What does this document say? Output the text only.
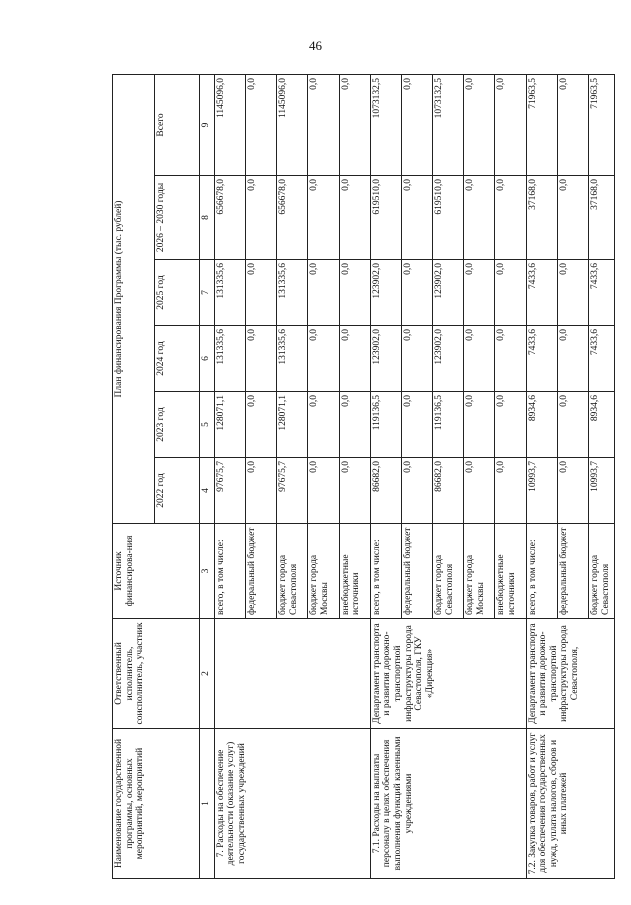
46
Наименование государственной программы, основных мероприятий, мероприятий	Ответственный исполнитель, соисполнитель, участник	Источник финансирова-ния	План финансирования Программы (тыс. рублей)					
			2022 год	2023 год	2024 год	2025 год	2026 – 2030 годы	Всего
1	2	3	4	5	6	7	8	9
7. Расходы на обеспечение деятельности (оказание услуг) государственных учреждений		всего, в том числе:	97675,7	128071,1	131335,6	131335,6	656678,0	1145096,0
		федеральный бюджет	0,0	0,0	0,0	0,0	0,0	0,0
		бюджет города Севастополя	97675,7	128071,1	131335,6	131335,6	656678,0	1145096,0
		бюджет города Москвы	0,0	0,0	0,0	0,0	0,0	0,0
		внебюджетные источники	0,0	0,0	0,0	0,0	0,0	0,0
7.1. Расходы на выплаты персоналу в целях обеспечения выполнения функций казенными учреждениями	Департамент транспорта и развития дорожно-транспортной инфраструктуры города Севастополя, ГКУ «Дирекция»	всего, в том числе:	86682,0	119136,5	123902,0	123902,0	619510,0	1073132,5
		федеральный бюджет	0,0	0,0	0,0	0,0	0,0	0,0
		бюджет города Севастополя	86682,0	119136,5	123902,0	123902,0	619510,0	1073132,5
		бюджет города Москвы	0,0	0,0	0,0	0,0	0,0	0,0
		внебюджетные источники	0,0	0,0	0,0	0,0	0,0	0,0
7.2. Закупка товаров, работ и услуг для обеспечения государственных нужд, уплата налогов, сборов и иных платежей	Департамент транспорта и развития дорожно-транспортной инфраструктуры города Севастополя,	всего, в том числе:	10993,7	8934,6	7433,6	7433,6	37168,0	71963,5
		федеральный бюджет	0,0	0,0	0,0	0,0	0,0	0,0
		бюджет города Севастополя	10993,7	8934,6	7433,6	7433,6	37168,0	71963,5
